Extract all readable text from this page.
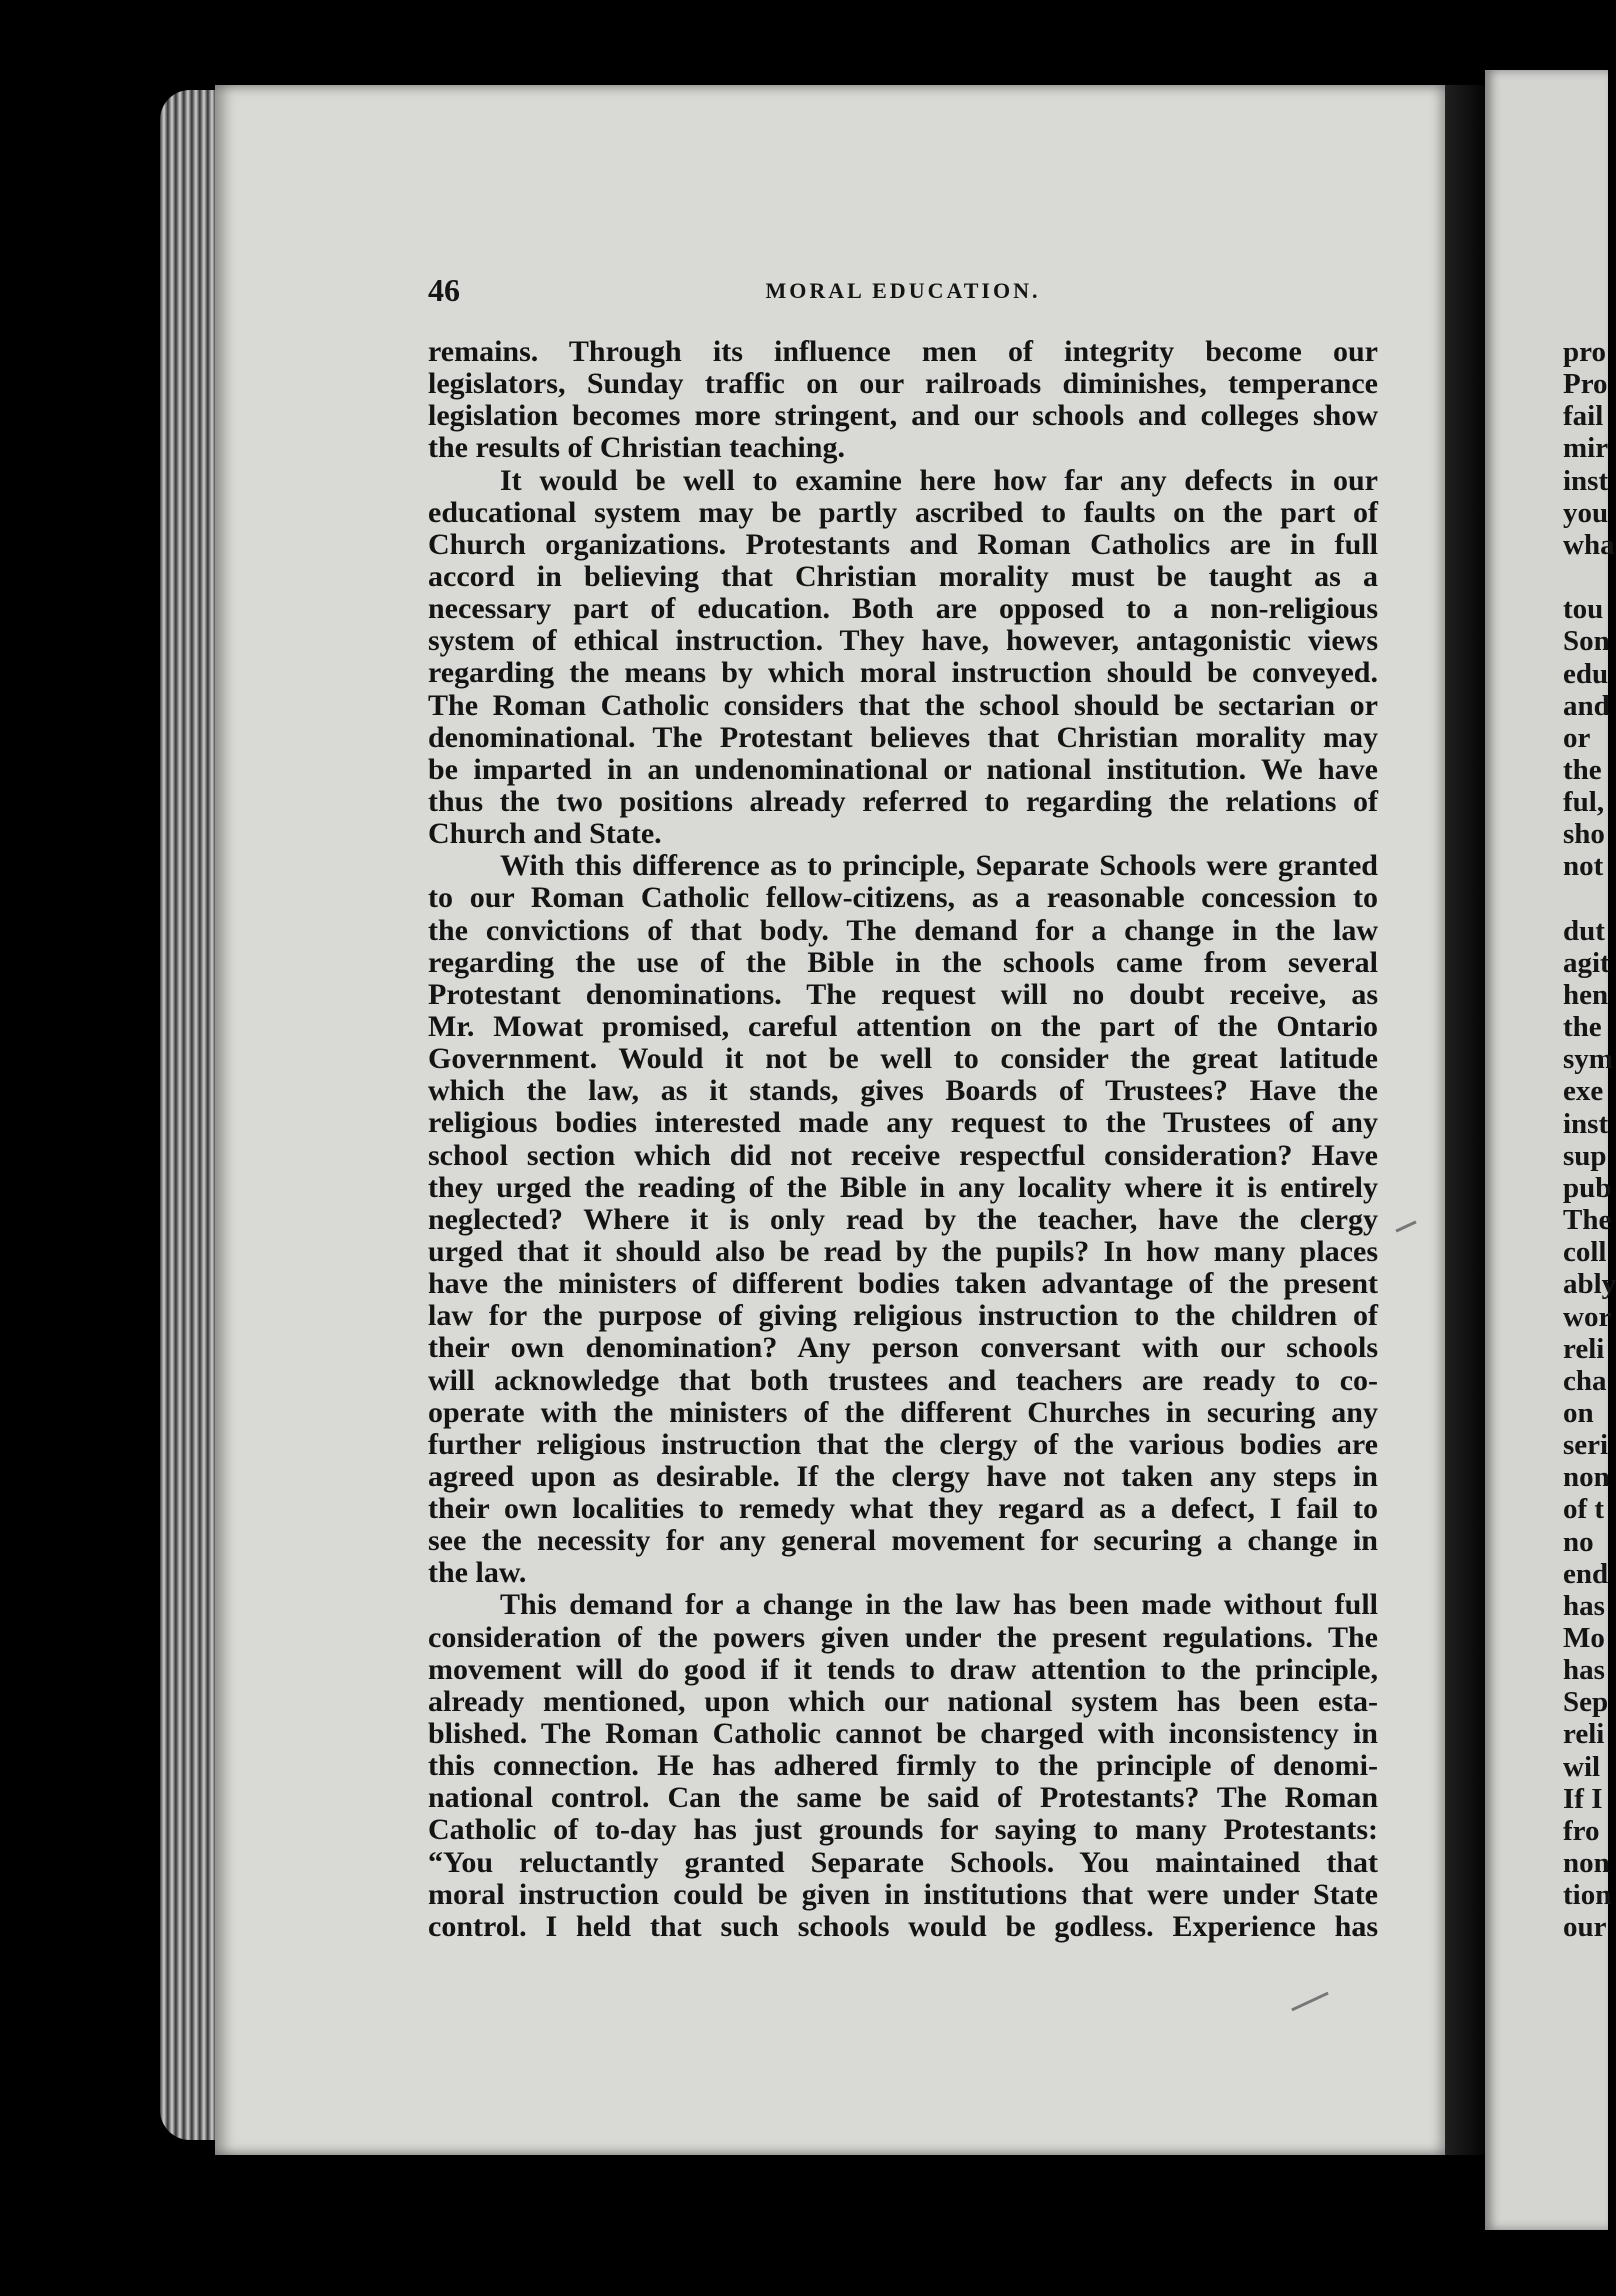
pro
Pro
fail
mir
inst
you
wha
tou
Son
edu
and
or
the
ful,
sho
not
dut
agit
hen
the
sym
exe
inst
sup
pub
The
coll
ably
wor
reli
cha
on
seri
non
of t
no
end
has
Mo
has
Sep
reli
wil
If I
fro
non
tion
our
46	MORAL EDUCATION.
remains. Through its influence men of integrity become our
legislators, Sunday traffic on our railroads diminishes, temperance
legislation becomes more stringent, and our schools and colleges show
the results of Christian teaching.
It would be well to examine here how far any defects in our
educational system may be partly ascribed to faults on the part of
Church organizations. Protestants and Roman Catholics are in full
accord in believing that Christian morality must be taught as a
necessary part of education. Both are opposed to a non-religious
system of ethical instruction. They have, however, antagonistic views
regarding the means by which moral instruction should be conveyed.
The Roman Catholic considers that the school should be sectarian or
denominational. The Protestant believes that Christian morality may
be imparted in an undenominational or national institution. We have
thus the two positions already referred to regarding the relations of
Church and State.
With this difference as to principle, Separate Schools were granted
to our Roman Catholic fellow-citizens, as a reasonable concession to
the convictions of that body. The demand for a change in the law
regarding the use of the Bible in the schools came from several
Protestant denominations. The request will no doubt receive, as
Mr. Mowat promised, careful attention on the part of the Ontario
Government. Would it not be well to consider the great latitude
which the law, as it stands, gives Boards of Trustees? Have the
religious bodies interested made any request to the Trustees of any
school section which did not receive respectful consideration? Have
they urged the reading of the Bible in any locality where it is entirely
neglected? Where it is only read by the teacher, have the clergy
urged that it should also be read by the pupils? In how many places
have the ministers of different bodies taken advantage of the present
law for the purpose of giving religious instruction to the children of
their own denomination? Any person conversant with our schools
will acknowledge that both trustees and teachers are ready to co-
operate with the ministers of the different Churches in securing any
further religious instruction that the clergy of the various bodies are
agreed upon as desirable. If the clergy have not taken any steps in
their own localities to remedy what they regard as a defect, I fail to
see the necessity for any general movement for securing a change in
the law.
This demand for a change in the law has been made without full
consideration of the powers given under the present regulations. The
movement will do good if it tends to draw attention to the principle,
already mentioned, upon which our national system has been esta-
blished. The Roman Catholic cannot be charged with inconsistency in
this connection. He has adhered firmly to the principle of denomi-
national control. Can the same be said of Protestants? The Roman
Catholic of to-day has just grounds for saying to many Protestants:
“You reluctantly granted Separate Schools. You maintained that
moral instruction could be given in institutions that were under State
control. I held that such schools would be godless. Experience has
